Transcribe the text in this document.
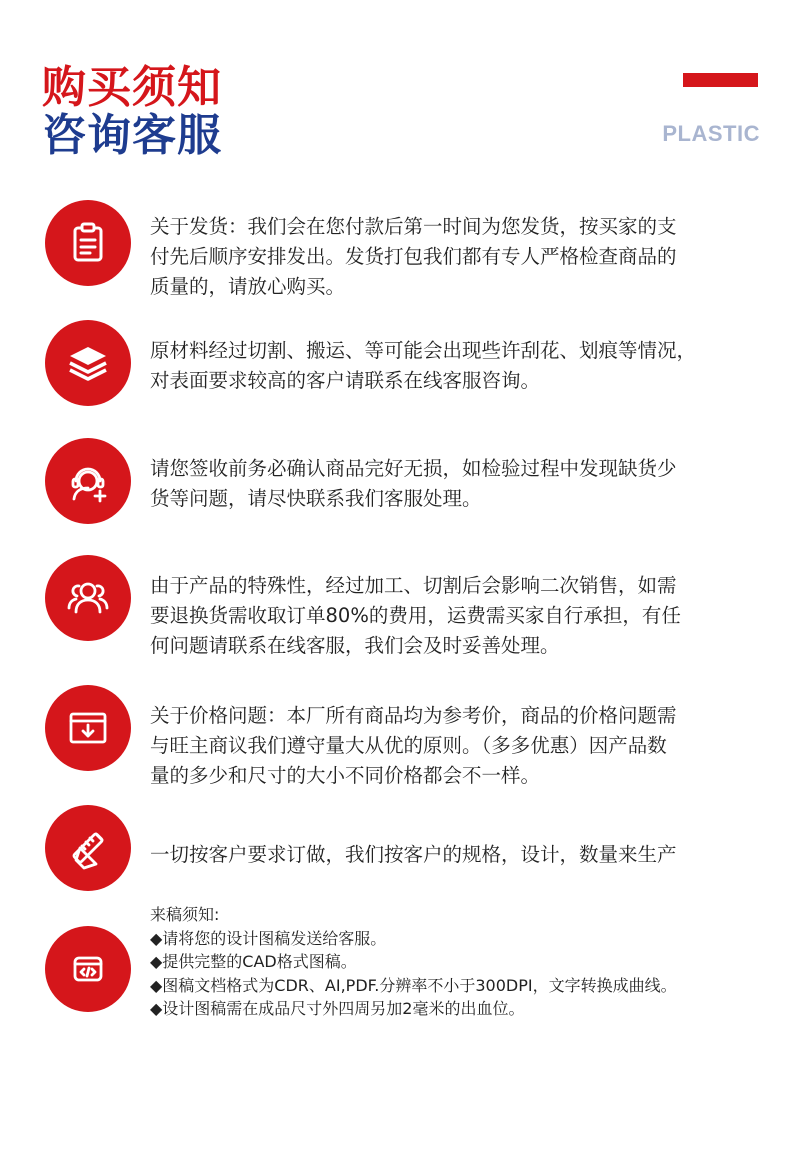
购买须知
咨询客服	PLASTIC
关于发货：我们会在您付款后第一时间为您发货，按买家的支
付先后顺序安排发出。发货打包我们都有专人严格检查商品的
质量的，请放心购买。
原材料经过切割、搬运、等可能会出现些许刮花、划痕等情况，
对表面要求较高的客户请联系在线客服咨询。
请您签收前务必确认商品完好无损，如检验过程中发现缺货少
货等问题，请尽快联系我们客服处理。
由于产品的特殊性，经过加工、切割后会影响二次销售，如需
要退换货需收取订单80%的费用，运费需买家自行承担，有任
何问题请联系在线客服，我们会及时妥善处理。
关于价格问题：本厂所有商品均为参考价，商品的价格问题需
与旺主商议我们遵守量大从优的原则。（多多优惠）因产品数
量的多少和尺寸的大小不同价格都会不一样。
一切按客户要求订做，我们按客户的规格，设计，数量来生产
来稿须知:
◆请将您的设计图稿发送给客服。
◆提供完整的CAD格式图稿。
◆图稿文档格式为CDR、AI,PDF.分辨率不小于300DPI，文字转换成曲线。
◆设计图稿需在成品尺寸外四周另加2毫米的出血位。
